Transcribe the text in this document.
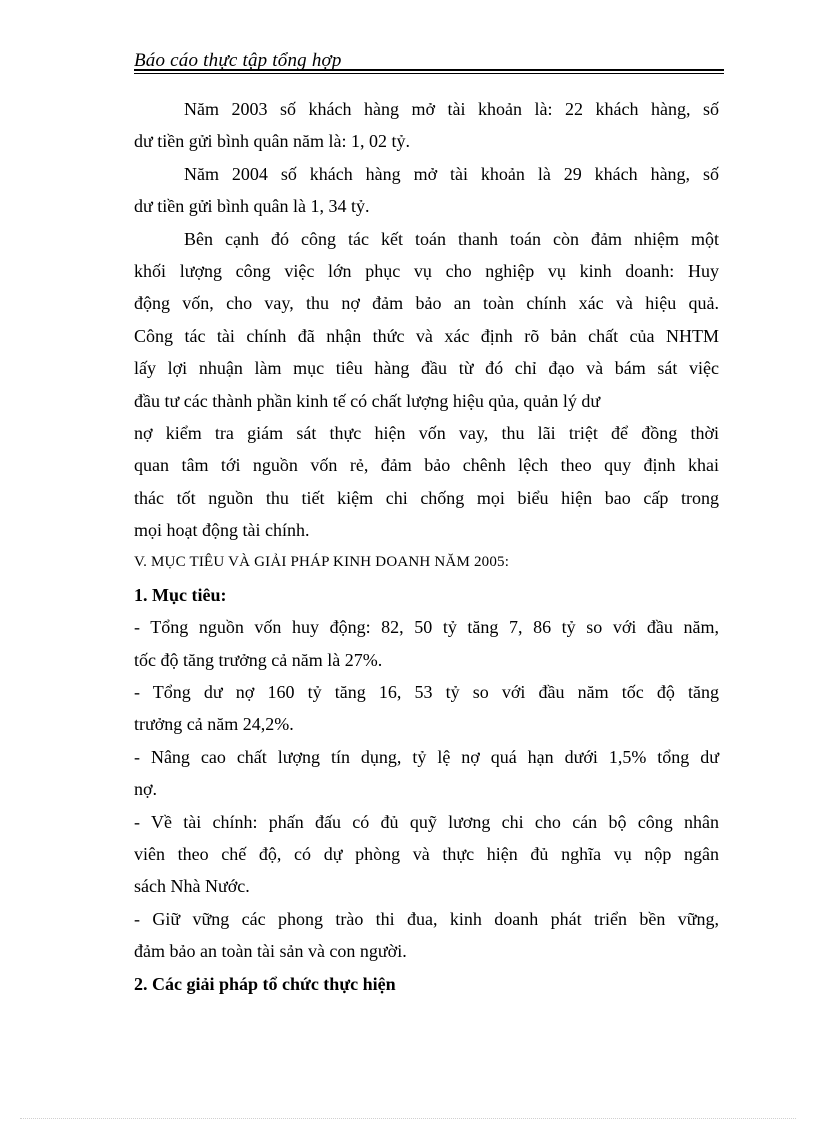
Báo cáo thực tập tổng hợp
Năm 2003 số khách hàng mở tài khoản là: 22 khách hàng, số
dư tiền gửi bình quân năm là: 1, 02 tỷ.
Năm 2004 số khách hàng mở tài khoản là 29 khách hàng, số
dư tiền gửi bình quân là 1, 34 tỷ.
Bên cạnh đó công tác kết toán thanh toán còn đảm nhiệm một
khối lượng công việc lớn phục vụ cho nghiệp vụ kinh doanh: Huy
động vốn, cho vay, thu nợ đảm bảo an toàn chính xác và hiệu quả.
Công tác tài chính đã nhận thức và xác định rõ bản chất của NHTM
lấy lợi nhuận làm mục tiêu hàng đầu từ đó chỉ đạo và bám sát việc
đầu tư các thành phần kinh tế có chất lượng hiệu qủa, quản lý dư
nợ kiểm tra giám sát thực hiện vốn vay, thu lãi triệt để đồng thời
quan tâm tới nguồn vốn rẻ, đảm bảo chênh lệch theo quy định khai
thác tốt nguồn thu tiết kiệm chi chống mọi biểu hiện bao cấp trong
mọi hoạt động tài chính.
V. MỤC TIÊU VÀ GIẢI PHÁP KINH DOANH NĂM 2005:
1. Mục tiêu:
- Tổng nguồn vốn huy động: 82, 50 tỷ tăng 7, 86 tỷ so với đầu năm,
tốc độ tăng trưởng cả năm là 27%.
- Tổng dư nợ 160 tỷ tăng 16, 53 tỷ so với đầu năm tốc độ tăng
trưởng cả năm 24,2%.
- Nâng cao chất lượng tín dụng, tỷ lệ nợ quá hạn dưới 1,5% tổng dư
nợ.
- Về tài chính: phấn đấu có đủ quỹ lương chi cho cán bộ công nhân
viên theo chế độ, có dự phòng và thực hiện đủ nghĩa vụ nộp ngân
sách Nhà Nước.
- Giữ vững các phong trào thi đua, kinh doanh phát triển bền vững,
đảm bảo an toàn tài sản và con người.
2. Các giải pháp tổ chức thực hiện
